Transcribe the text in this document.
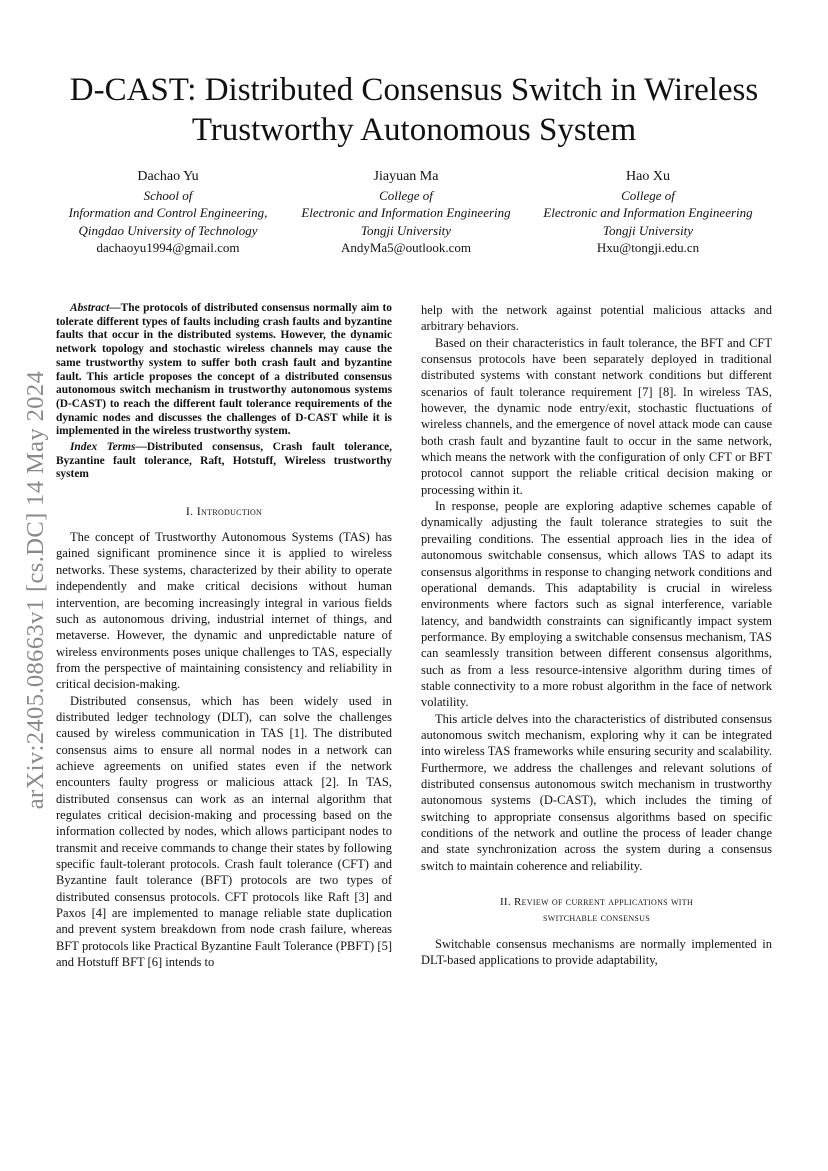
arXiv:2405.08663v1 [cs.DC] 14 May 2024
D-CAST: Distributed Consensus Switch in Wireless
Trustworthy Autonomous System
Dachao Yu
School of
Information and Control Engineering,
Qingdao University of Technology
dachaoyu1994@gmail.com
Jiayuan Ma
College of
Electronic and Information Engineering
Tongji University
AndyMa5@outlook.com
Hao Xu
College of
Electronic and Information Engineering
Tongji University
Hxu@tongji.edu.cn

Abstract—The protocols of distributed consensus normally aim to tolerate different types of faults including crash faults and byzantine faults that occur in the distributed systems. However, the dynamic network topology and stochastic wireless channels may cause the same trustworthy system to suffer both crash fault and byzantine fault. This article proposes the concept of a distributed consensus autonomous switch mechanism in trustworthy autonomous systems (D-CAST) to reach the different fault tolerance requirements of the dynamic nodes and discusses the challenges of D-CAST while it is implemented in the wireless trustworthy system.

Index Terms—Distributed consensus, Crash fault tolerance, Byzantine fault tolerance, Raft, Hotstuff, Wireless trustworthy system

I. Introduction

The concept of Trustworthy Autonomous Systems (TAS) has gained significant prominence since it is applied to wireless networks. These systems, characterized by their ability to operate independently and make critical decisions without human intervention, are becoming increasingly integral in various fields such as autonomous driving, industrial internet of things, and metaverse. However, the dynamic and unpredictable nature of wireless environments poses unique challenges to TAS, especially from the perspective of maintaining consistency and reliability in critical decision-making.

Distributed consensus, which has been widely used in distributed ledger technology (DLT), can solve the challenges caused by wireless communication in TAS [1]. The distributed consensus aims to ensure all normal nodes in a network can achieve agreements on unified states even if the network encounters faulty progress or malicious attack [2]. In TAS, distributed consensus can work as an internal algorithm that regulates critical decision-making and processing based on the information collected by nodes, which allows participant nodes to transmit and receive commands to change their states by following specific fault-tolerant protocols. Crash fault tolerance (CFT) and Byzantine fault tolerance (BFT) protocols are two types of distributed consensus protocols. CFT protocols like Raft [3] and Paxos [4] are implemented to manage reliable state duplication and prevent system breakdown from node crash failure, whereas BFT protocols like Practical Byzantine Fault Tolerance (PBFT) [5] and Hotstuff BFT [6] intends to

help with the network against potential malicious attacks and arbitrary behaviors.

Based on their characteristics in fault tolerance, the BFT and CFT consensus protocols have been separately deployed in traditional distributed systems with constant network conditions but different scenarios of fault tolerance requirement [7] [8]. In wireless TAS, however, the dynamic node entry/exit, stochastic fluctuations of wireless channels, and the emergence of novel attack mode can cause both crash fault and byzantine fault to occur in the same network, which means the network with the configuration of only CFT or BFT protocol cannot support the reliable critical decision making or processing within it.

In response, people are exploring adaptive schemes capable of dynamically adjusting the fault tolerance strategies to suit the prevailing conditions. The essential approach lies in the idea of autonomous switchable consensus, which allows TAS to adapt its consensus algorithms in response to changing network conditions and operational demands. This adaptability is crucial in wireless environments where factors such as signal interference, variable latency, and bandwidth constraints can significantly impact system performance. By employing a switchable consensus mechanism, TAS can seamlessly transition between different consensus algorithms, such as from a less resource-intensive algorithm during times of stable connectivity to a more robust algorithm in the face of network volatility.

This article delves into the characteristics of distributed consensus autonomous switch mechanism, exploring why it can be integrated into wireless TAS frameworks while ensuring security and scalability. Furthermore, we address the challenges and relevant solutions of distributed consensus autonomous switch mechanism in trustworthy autonomous systems (D-CAST), which includes the timing of switching to appropriate consensus algorithms based on specific conditions of the network and outline the process of leader change and state synchronization across the system during a consensus switch to maintain coherence and reliability.

II. Review of current applications with
switchable consensus

Switchable consensus mechanisms are normally implemented in DLT-based applications to provide adaptability,
